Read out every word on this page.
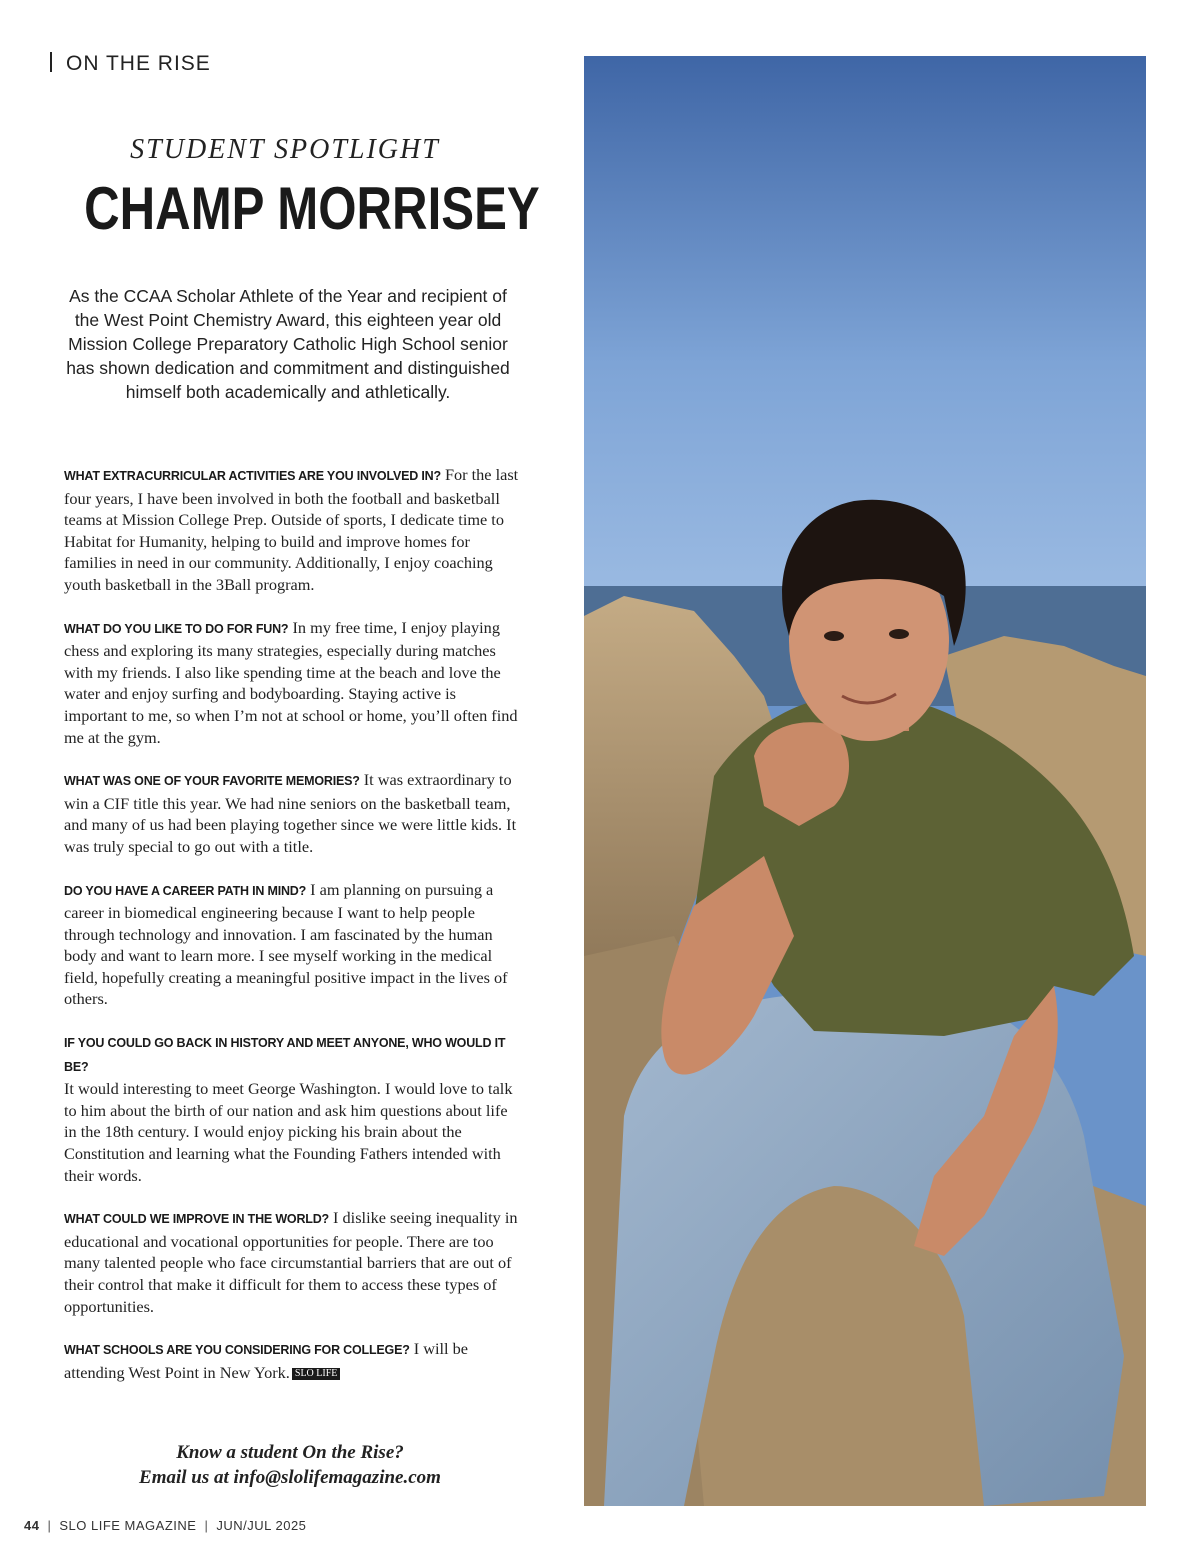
ON THE RISE
STUDENT SPOTLIGHT
CHAMP MORRISEY
As the CCAA Scholar Athlete of the Year and recipient of the West Point Chemistry Award, this eighteen year old Mission College Preparatory Catholic High School senior has shown dedication and commitment and distinguished himself both academically and athletically.

WHAT EXTRACURRICULAR ACTIVITIES ARE YOU INVOLVED IN? For the last four years, I have been involved in both the football and basketball teams at Mission College Prep. Outside of sports, I dedicate time to Habitat for Humanity, helping to build and improve homes for families in need in our community. Additionally, I enjoy coaching youth basketball in the 3Ball program.

WHAT DO YOU LIKE TO DO FOR FUN? In my free time, I enjoy playing chess and exploring its many strategies, especially during matches with my friends. I also like spending time at the beach and love the water and enjoy surfing and bodyboarding. Staying active is important to me, so when I’m not at school or home, you’ll often find me at the gym.

WHAT WAS ONE OF YOUR FAVORITE MEMORIES? It was extraordinary to win a CIF title this year. We had nine seniors on the basketball team, and many of us had been playing together since we were little kids. It was truly special to go out with a title.

DO YOU HAVE A CAREER PATH IN MIND? I am planning on pursuing a career in biomedical engineering because I want to help people through technology and innovation. I am fascinated by the human body and want to learn more. I see myself working in the medical field, hopefully creating a meaningful positive impact in the lives of others.

IF YOU COULD GO BACK IN HISTORY AND MEET ANYONE, WHO WOULD IT BE?
It would interesting to meet George Washington. I would love to talk to him about the birth of our nation and ask him questions about life in the 18th century. I would enjoy picking his brain about the Constitution and learning what the Founding Fathers intended with their words.

WHAT COULD WE IMPROVE IN THE WORLD? I dislike seeing inequality in educational and vocational opportunities for people. There are too many talented people who face circumstantial barriers that are out of their control that make it difficult for them to access these types of opportunities.

WHAT SCHOOLS ARE YOU CONSIDERING FOR COLLEGE? I will be attending West Point in New York. SLO LIFE

Know a student On the Rise?
Email us at info@slolifemagazine.com
44 | SLO LIFE MAGAZINE | JUN/JUL 2025
